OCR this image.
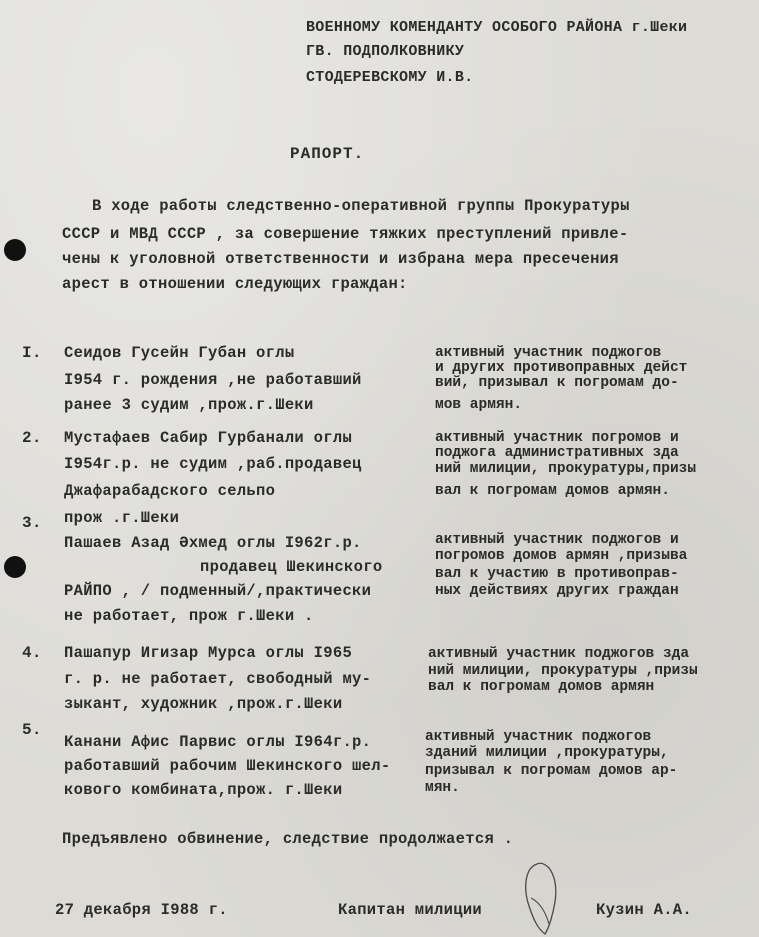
ВОЕННОМУ КОМЕНДАНТУ ОСОБОГО РАЙОНА г.Шеки
ГВ. ПОДПОЛКОВНИКУ
СТОДЕРЕВСКОМУ И.В.
РАПОРТ.
В ходе работы следственно-оперативной группы Прокуратуры
СССР и МВД СССР , за совершение тяжких преступлений привле-
чены к уголовной ответственности и избрана мера пресечения
арест в отношении следующих граждан:
I. Сеидов Гусейн Губан оглы
I954 г. рождения ,не работавший
ранее 3 судим ,прож.г.Шеки
активный участник поджогов
и других противоправных дейст
вий, призывал к погромам до-
мов армян.
2. Мустафаев Сабир Гурбанали оглы
I954г.р. не судим ,раб.продавец
Джафарабадского сельпо
прож .г.Шеки
активный участник погромов и
поджога административных зда
ний милиции, прокуратуры,призы
вал к погромам домов армян.
3.
Пашаев Азад Әхмед оглы I962г.р.
продавец Шекинского
РАЙПО , / подменный/,практически
не работает, прож г.Шеки .
активный участник поджогов и
погромов домов армян ,призыва
вал к участию в противоправ-
ных действиях других граждан
4. Пашапур Игизар Мурса оглы I965
г. р. не работает, свободный му-
зыкант, художник ,прож.г.Шеки
активный участник поджогов зда
ний милиции, прокуратуры ,призы
вал к погромам домов армян
5.
Канани Афис Парвис оглы I964г.р.
работавший рабочим Шекинского шел-
кового комбината,прож. г.Шеки
активный участник поджогов
зданий милиции ,прокуратуры,
призывал к погромам домов ар-
мян.
Предъявлено обвинение, следствие продолжается .
27 декабря I988 г.	Капитан милиции	Кузин А.А.
